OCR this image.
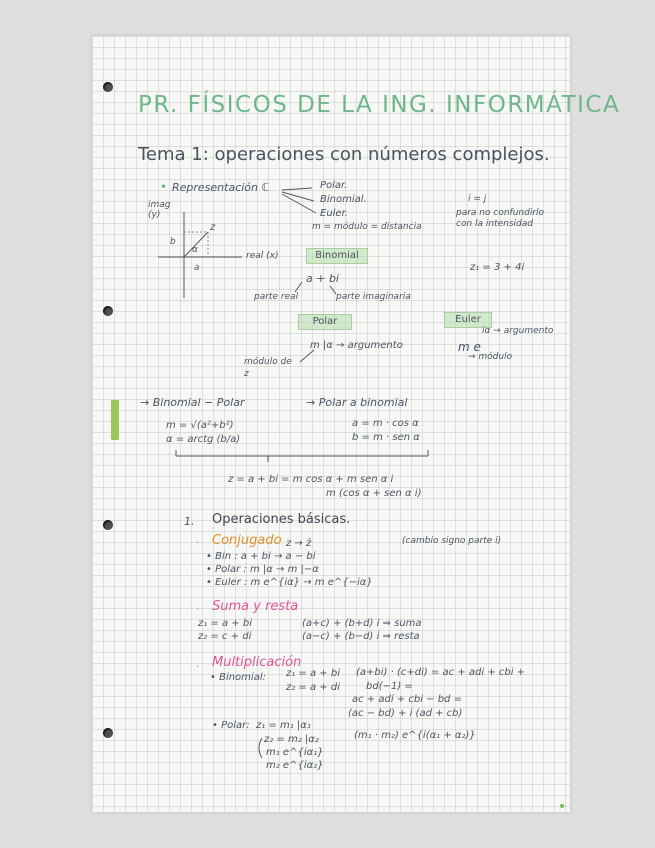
PR. FÍSICOS DE LA ING. INFORMÁTICA
Tema 1: operaciones con números complejos.
• Representación ℂ	Polar.
Binomial.
Euler.
imag (y)
z
b
a
α
real (x)
m = módulo = distancia
i = j
para no confundirlo con la intensidad
Binomial
a + bi
parte real	parte imaginaria
z₁ = 3 + 4i
Polar
m |α → argumento
módulo de z
Euler
m e
iα → argumento
→ módulo
→ Binomial − Polar	→ Polar a binomial
m = √(a²+b²)
α = arctg (b/a)
a = m · cos α
b = m · sen α
z = a + bi = m cos α + m sen α i
m (cos α + sen α i)
1. Operaciones básicas.
· Conjugado z → z̄	(cambio signo parte i)
• Bin : a + bi → a − bi
• Polar : m |α → m |−α
• Euler : m e^{iα} → m e^{−iα}
· Suma y resta
z₁ = a + bi
z₂ = c + di
(a+c) + (b+d) i ⇒ suma
(a−c) + (b−d) i ⇒ resta
· Multiplicación
• Binomial: z₁ = a + bi
z₂ = a + di
(a+bi) · (c+di) = ac + adi + cbi +
bd(−1) =
ac + adi + cbi − bd =
(ac − bd) + i (ad + cb)
• Polar: z₁ = m₁ |α₁
z₂ = m₂ |α₂
m₁ e^{iα₁}
m₂ e^{iα₂}
(m₁ · m₂) e^{i(α₁ + α₂)}
